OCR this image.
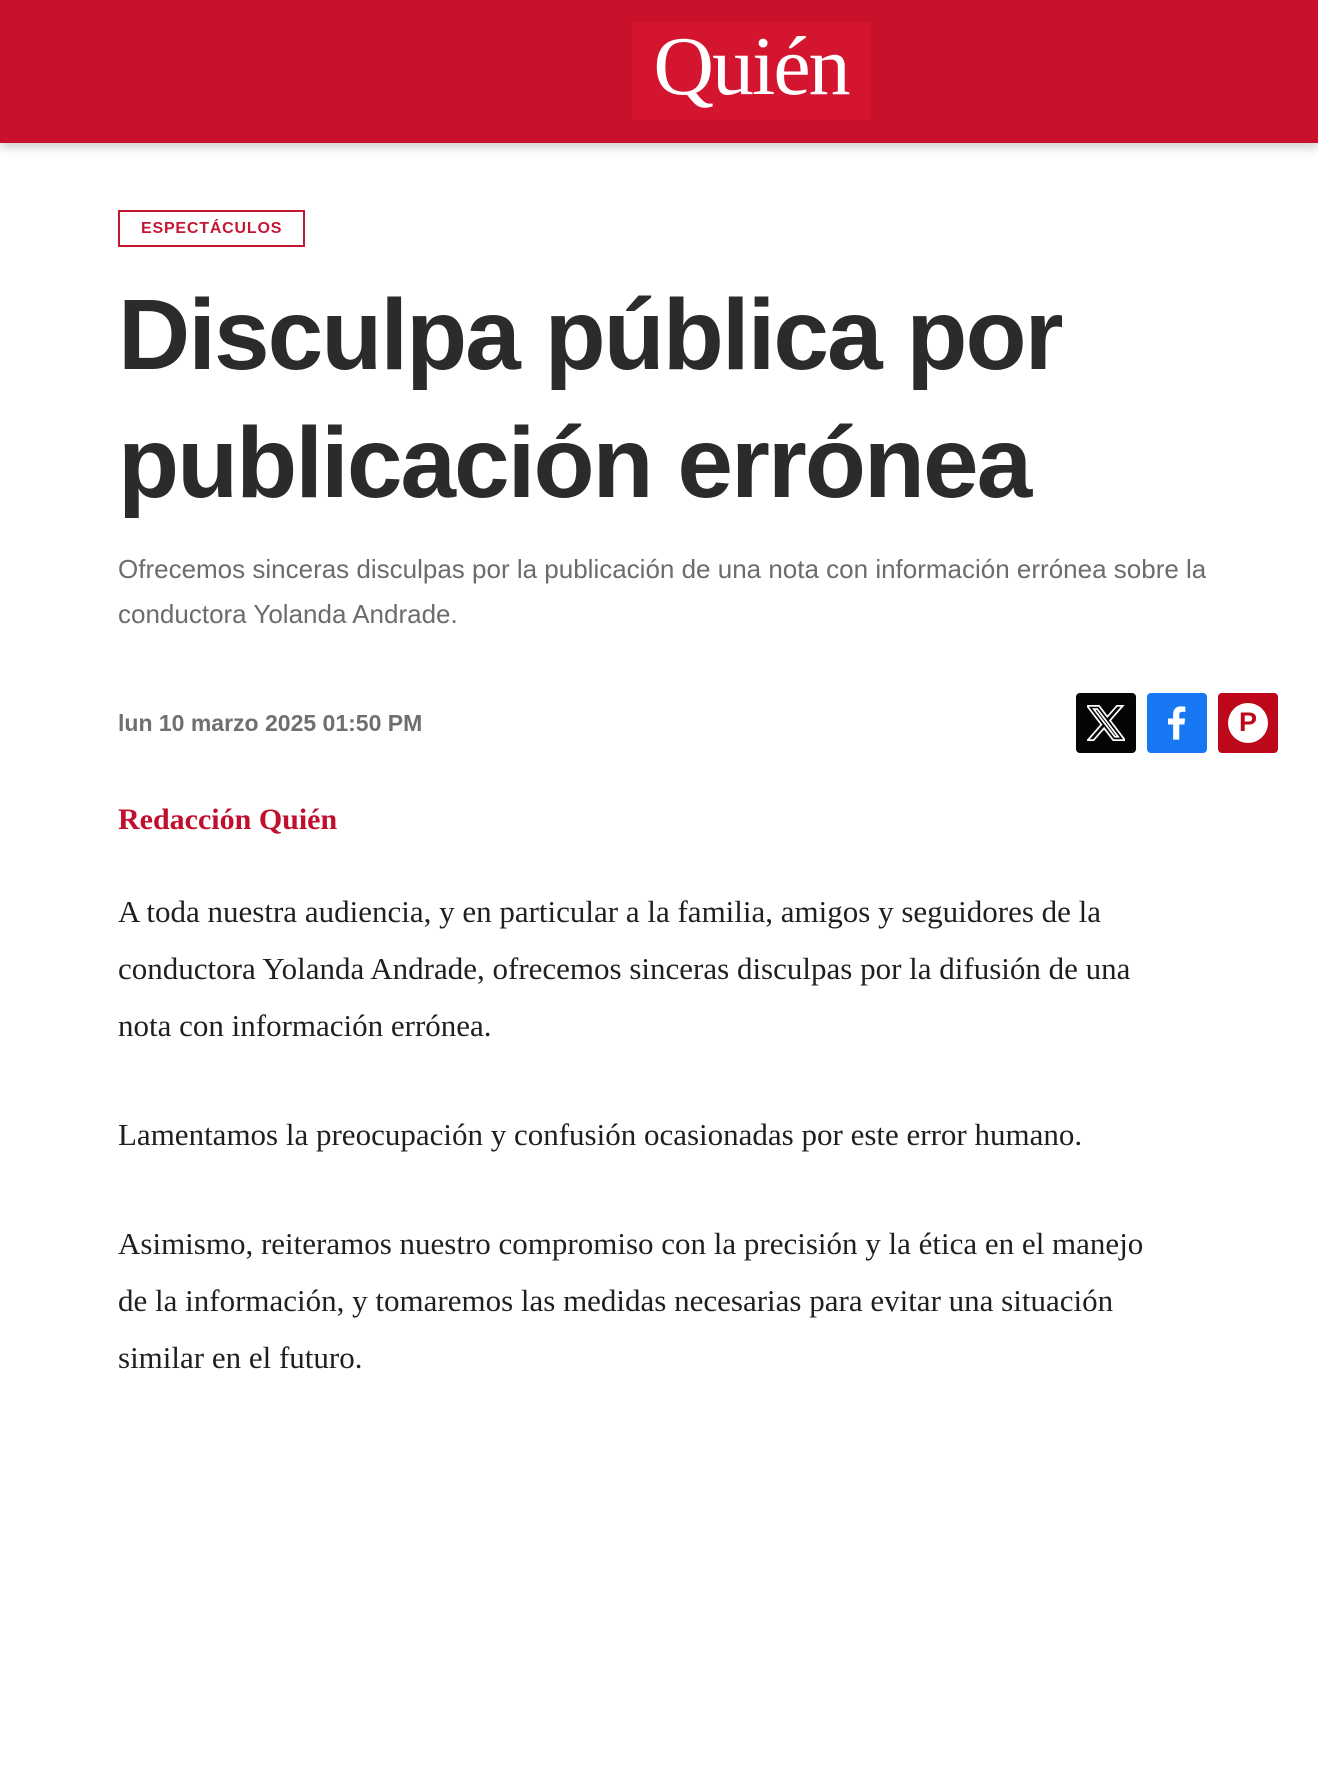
Quién
ESPECTÁCULOS
Disculpa pública por publicación errónea

Ofrecemos sinceras disculpas por la publicación de una nota con información errónea sobre la conductora Yolanda Andrade.

lun 10 marzo 2025 01:50 PM	P
Redacción Quién

A toda nuestra audiencia, y en particular a la familia, amigos y seguidores de la conductora Yolanda Andrade, ofrecemos sinceras disculpas por la difusión de una nota con información errónea.

Lamentamos la preocupación y confusión ocasionadas por este error humano.

Asimismo, reiteramos nuestro compromiso con la precisión y la ética en el manejo de la información, y tomaremos las medidas necesarias para evitar una situación similar en el futuro.
